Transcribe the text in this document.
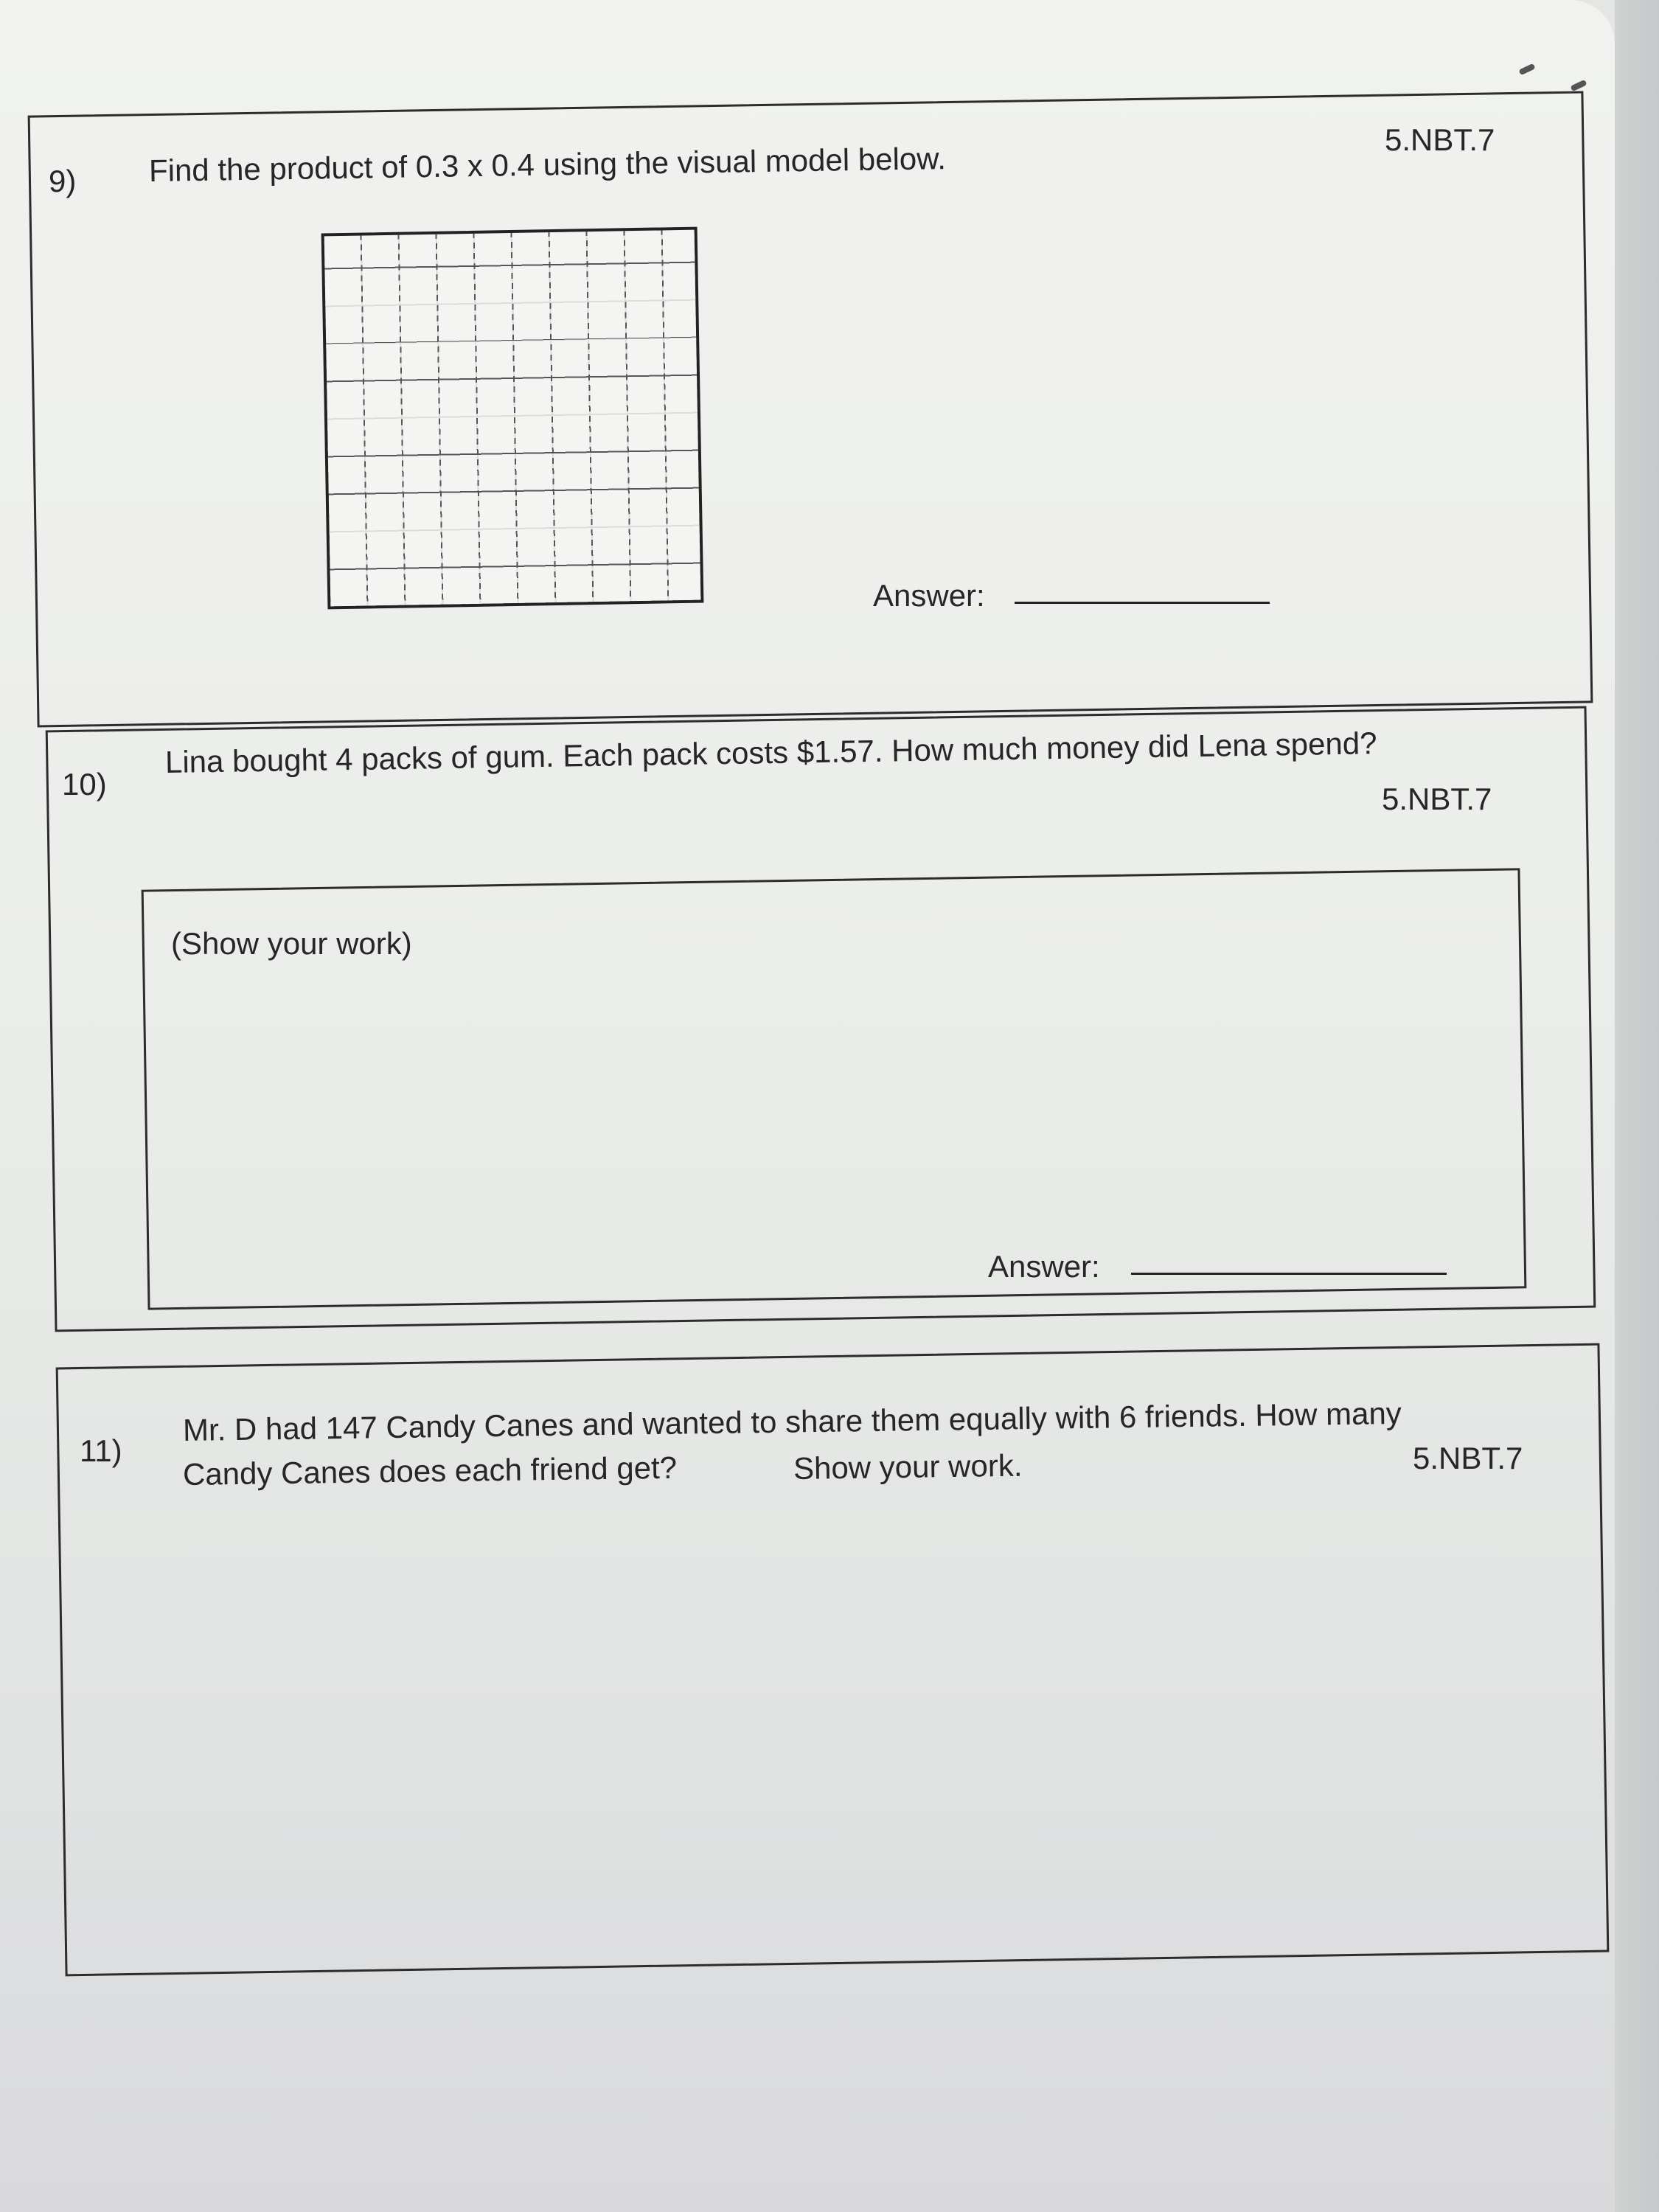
9) Find the product of 0.3 x 0.4 using the visual model below.
5.NBT.7
Answer:
10)
Lina bought 4 packs of gum. Each pack costs $1.57. How much money did Lena spend?
5.NBT.7
(Show your work)
Answer:
11)
Mr. D had 147 Candy Canes and wanted to share them equally with 6 friends. How many
Candy Canes does each friend get?	Show your work.	5.NBT.7
